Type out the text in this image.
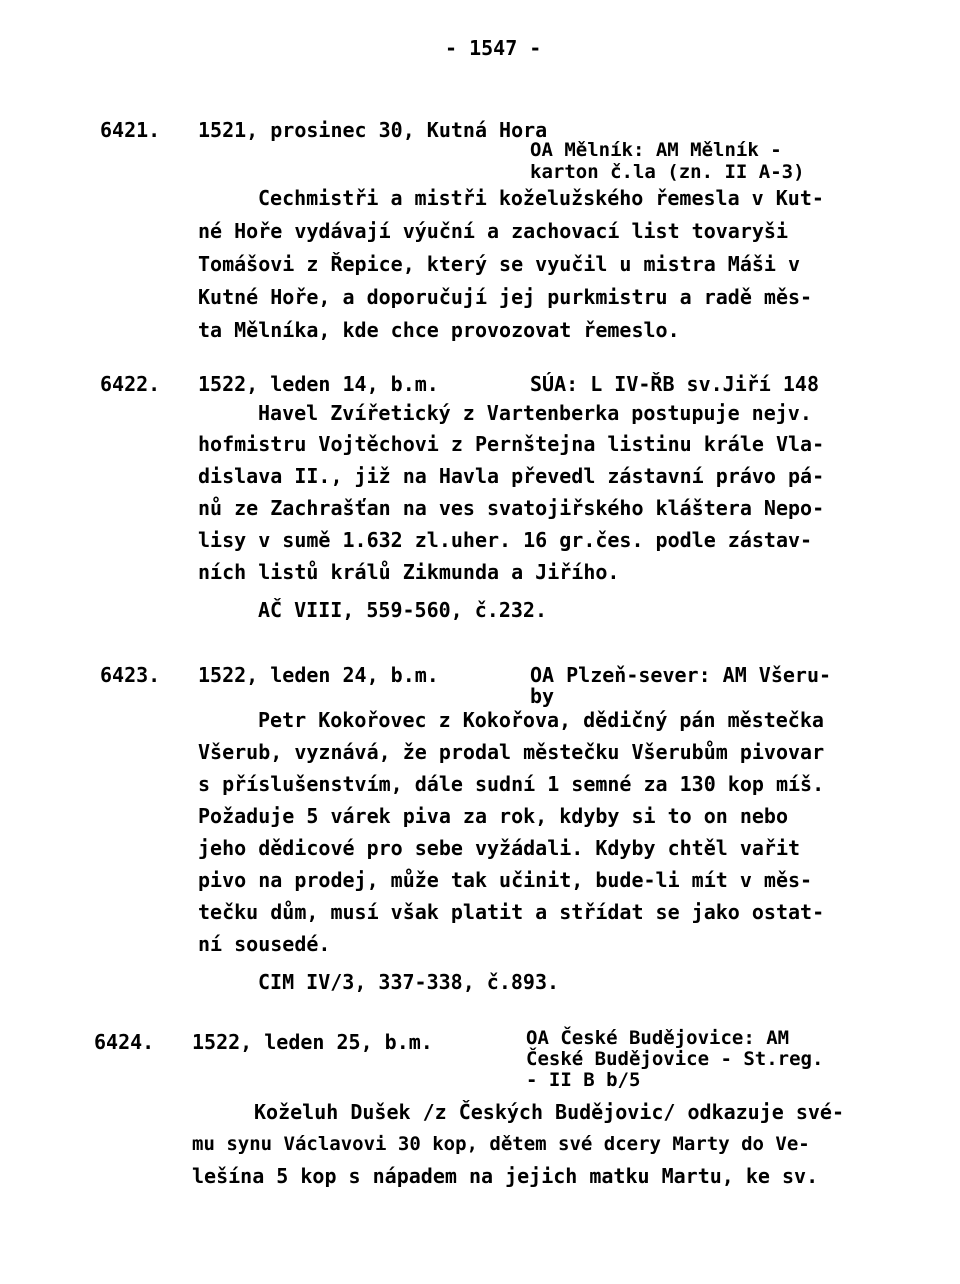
- 1547 -
6421. 1521, prosinec 30, Kutná Hora
OA Mělník: AM Mělník -
karton č.la (zn. II A-3)
Cechmistři a mistři koželužského řemesla v Kut-
né Hoře vydávají výuční a zachovací list tovaryši
Tomášovi z Řepice, který se vyučil u mistra Máši v
Kutné Hoře, a doporučují jej purkmistru a radě měs-
ta Mělníka, kde chce provozovat řemeslo.
6422. 1522, leden 14, b.m.	SÚA: L IV-ŘB sv.Jiří 148
Havel Zvířetický z Vartenberka postupuje nejv.
hofmistru Vojtěchovi z Pernštejna listinu krále Vla-
dislava II., již na Havla převedl zástavní právo pá-
nů ze Zachrašťan na ves svatojiřského kláštera Nepo-
lisy v sumě 1.632 zl.uher. 16 gr.čes. podle zástav-
ních listů králů Zikmunda a Jiřího.
AČ VIII, 559-560, č.232.
6423. 1522, leden 24, b.m.	OA Plzeň-sever: AM Všeru-
by
Petr Kokořovec z Kokořova, dědičný pán městečka
Všerub, vyznává, že prodal městečku Všerubům pivovar
s příslušenstvím, dále sudní 1 semné za 130 kop míš.
Požaduje 5 várek piva za rok, kdyby si to on nebo
jeho dědicové pro sebe vyžádali. Kdyby chtěl vařit
pivo na prodej, může tak učinit, bude-li mít v měs-
tečku dům, musí však platit a střídat se jako ostat-
ní sousedé.
CIM IV/3, 337-338, č.893.
6424. 1522, leden 25, b.m.	OA České Budějovice: AM
České Budějovice - St.reg.
- II B b/5
Koželuh Dušek /z Českých Budějovic/ odkazuje své-
mu synu Václavovi 30 kop, dětem své dcery Marty do Ve-
lešína 5 kop s nápadem na jejich matku Martu, ke sv.
